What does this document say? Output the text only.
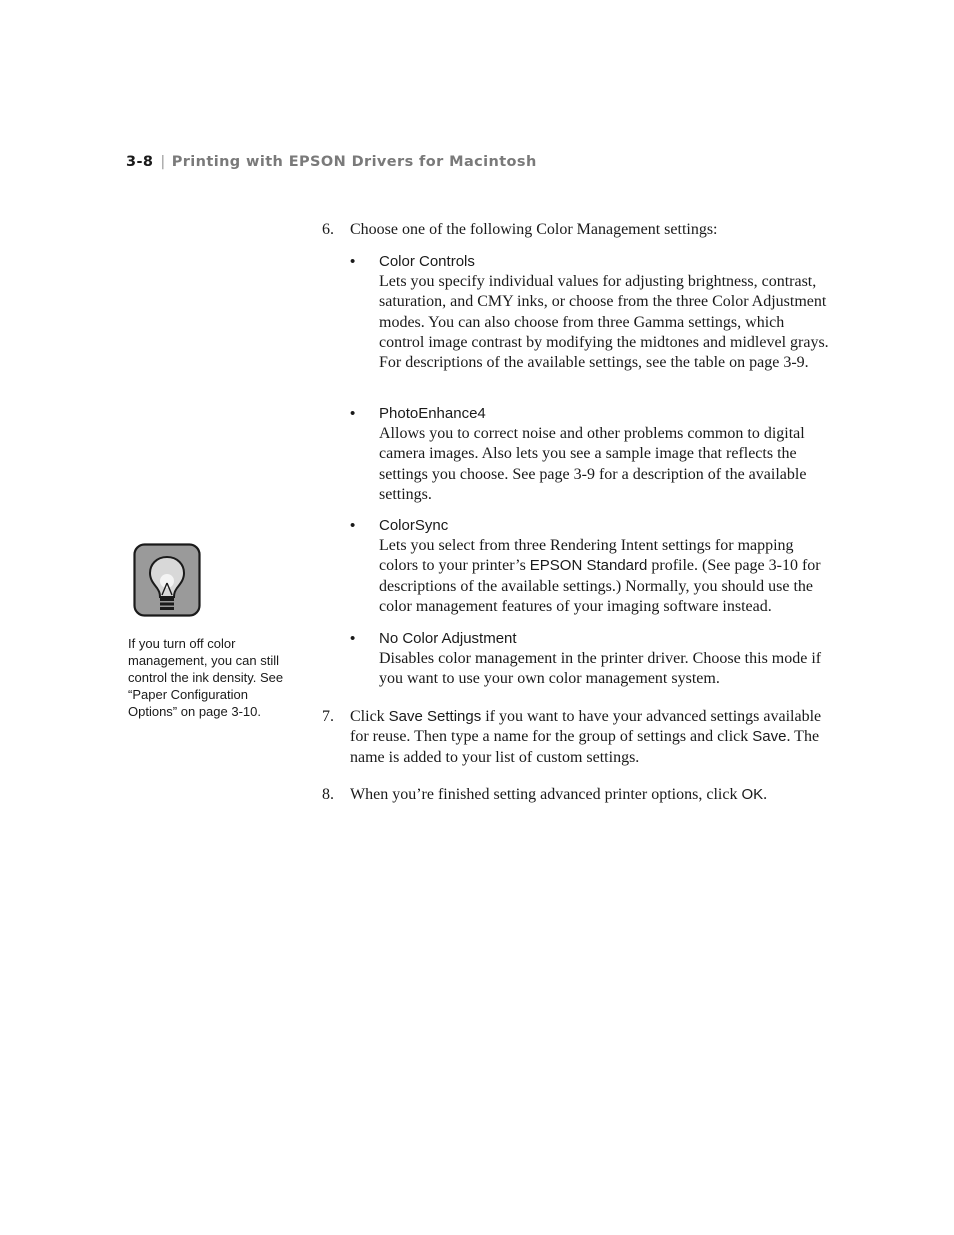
3-8 | Printing with EPSON Drivers for Macintosh
If you turn off color management, you can still control the ink density. See “Paper Configuration Options” on page 3-10.
6. Choose one of the following Color Management settings:
• Color Controls
Lets you specify individual values for adjusting brightness, contrast, saturation, and CMY inks, or choose from the three Color Adjustment modes. You can also choose from three Gamma settings, which control image contrast by modifying the midtones and midlevel grays. For descriptions of the available settings, see the table on page 3-9.
• PhotoEnhance4
Allows you to correct noise and other problems common to digital camera images. Also lets you see a sample image that reflects the settings you choose. See page 3-9 for a description of the available settings.
• ColorSync
Lets you select from three Rendering Intent settings for mapping colors to your printer’s EPSON Standard profile. (See page 3-10 for descriptions of the available settings.) Normally, you should use the color management features of your imaging software instead.
• No Color Adjustment
Disables color management in the printer driver. Choose this mode if you want to use your own color management system.
7. Click Save Settings if you want to have your advanced settings available for reuse. Then type a name for the group of settings and click Save. The name is added to your list of custom settings.
8. When you’re finished setting advanced printer options, click OK.
